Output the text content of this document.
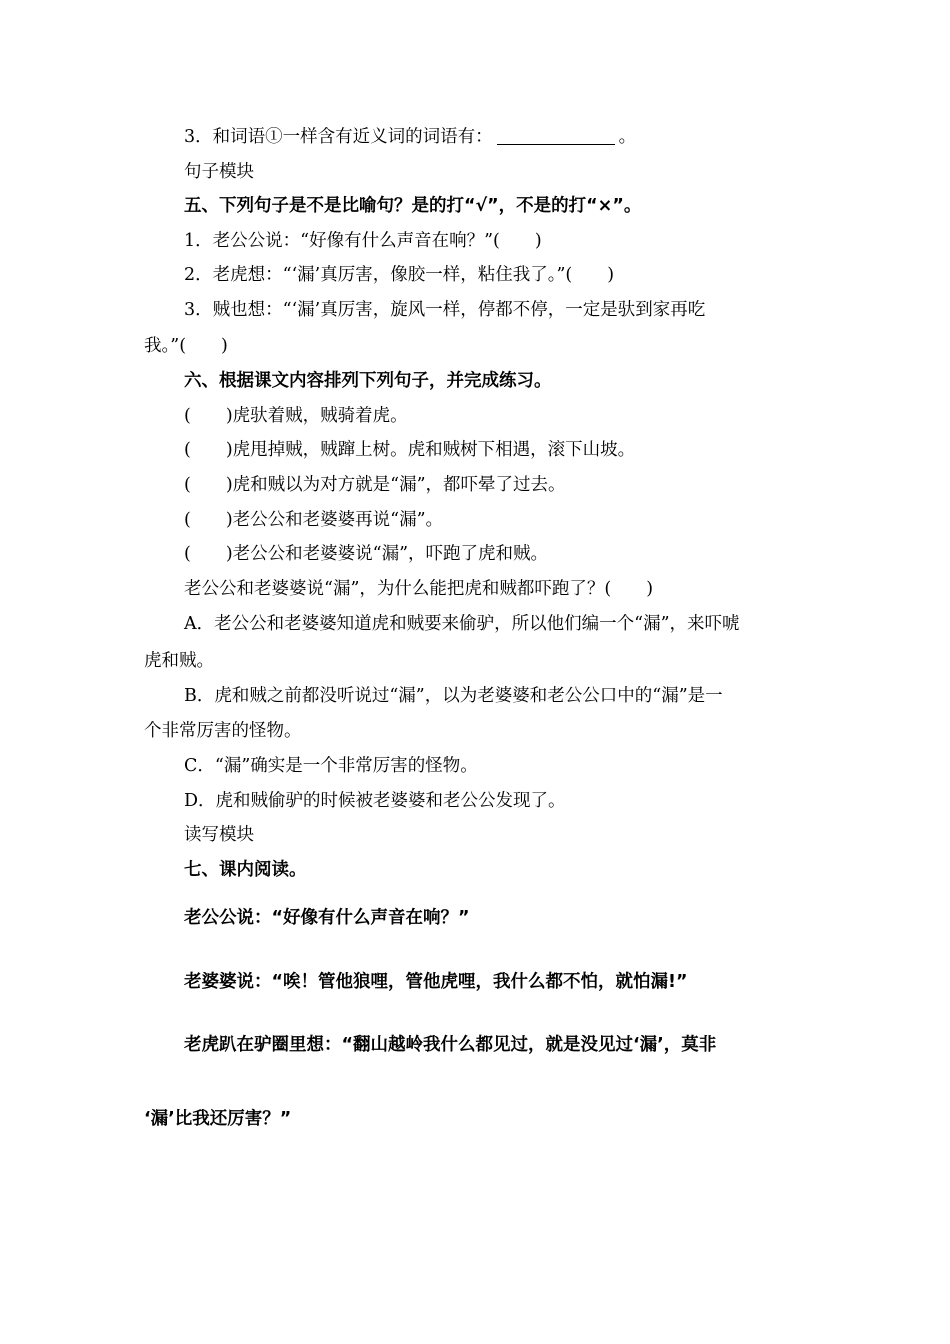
3．和词语①一样含有近义词的词语有：	。
句子模块
五、下列句子是不是比喻句？是的打“√”，不是的打“×”。
1．老公公说：“好像有什么声音在响？”(　　)
2．老虎想：“‘漏’真厉害，像胶一样，粘住我了。”(　　)
3．贼也想：“‘漏’真厉害，旋风一样，停都不停，一定是驮到家再吃
我。”(　　)
六、根据课文内容排列下列句子，并完成练习。
(　　)虎驮着贼，贼骑着虎。
(　　)虎甩掉贼，贼蹿上树。虎和贼树下相遇，滚下山坡。
(　　)虎和贼以为对方就是“漏”，都吓晕了过去。
(　　)老公公和老婆婆再说“漏”。
(　　)老公公和老婆婆说“漏”，吓跑了虎和贼。
老公公和老婆婆说“漏”，为什么能把虎和贼都吓跑了？(　　)
A．老公公和老婆婆知道虎和贼要来偷驴，所以他们编一个“漏”，来吓唬
虎和贼。
B．虎和贼之前都没听说过“漏”，以为老婆婆和老公公口中的“漏”是一
个非常厉害的怪物。
C．“漏”确实是一个非常厉害的怪物。
D．虎和贼偷驴的时候被老婆婆和老公公发现了。
读写模块
七、课内阅读。
老公公说：“好像有什么声音在响？”
老婆婆说：“唉！管他狼哩，管他虎哩，我什么都不怕，就怕漏!”
老虎趴在驴圈里想：“翻山越岭我什么都见过，就是没见过‘漏’，莫非
‘漏’比我还厉害？”
